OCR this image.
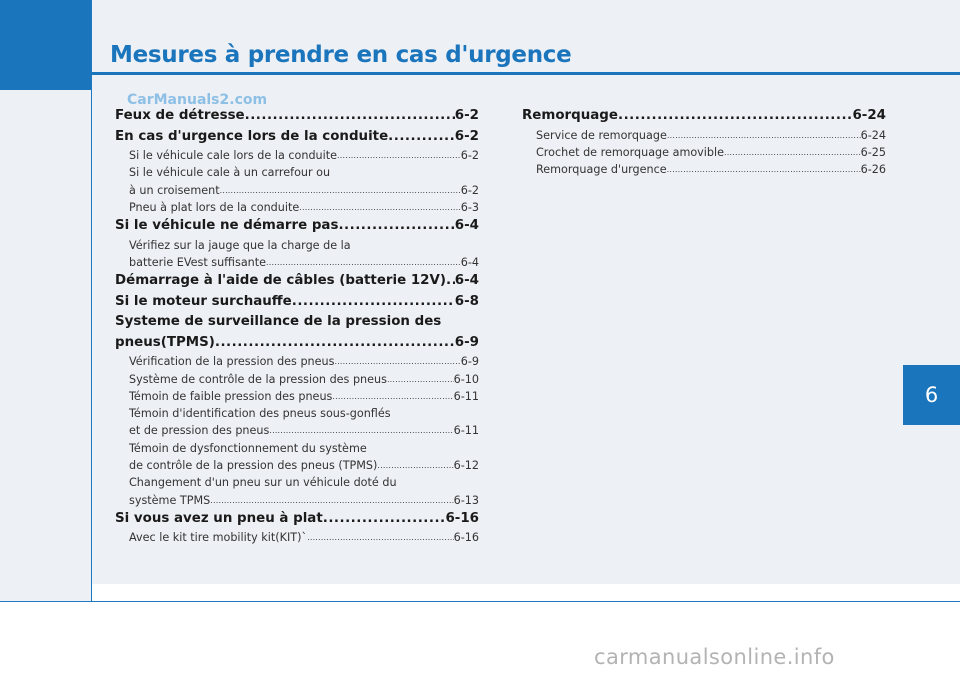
Mesures à prendre en cas d'urgence
CarManuals2.com
Feux de détresse .....	6-2
En cas d'urgence lors de la conduite .....	6-2
Si le véhicule cale lors de la conduite .....	6-2
Si le véhicule cale à un carrefour ou
à un croisement .....	6-2
Pneu à plat lors de la conduite .....	6-3
Si le véhicule ne démarre pas .....	6-4
Vérifiez sur la jauge que la charge de la
batterie EVest suffisante .....	6-4
Démarrage à l'aide de câbles (batterie 12V) ..... 6-4
Si le moteur surchauffe .....	6-8
Systeme de surveillance de la pression des
pneus(TPMS) .....	6-9
Vérification de la pression des pneus .....	6-9
Système de contrôle de la pression des pneus .....	6-10
Témoin de faible pression des pneus .....	6-11
Témoin d'identification des pneus sous-gonflés
et de pression des pneus .....	6-11
Témoin de dysfonctionnement du système
de contrôle de la pression des pneus (TPMS) .....	6-12
Changement d'un pneu sur un véhicule doté du
système TPMS .....	6-13
Si vous avez un pneu à plat .....	6-16
Avec le kit tire mobility kit(KIT)` .....	6-16
Remorquage .....	6-24
Service de remorquage .....	6-24
Crochet de remorquage amovible .....	6-25
Remorquage d'urgence .....	6-26
6
carmanualsonline.info
